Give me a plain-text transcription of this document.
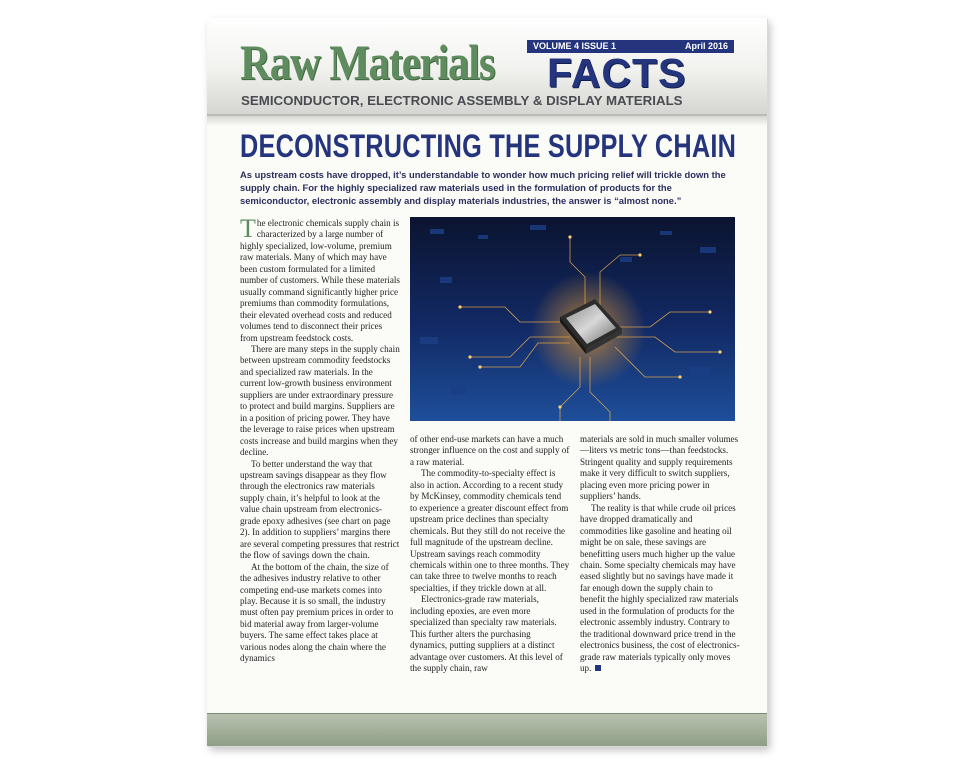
Raw Materials	VOLUME 4 ISSUE 1	April 2016
FACTS
SEMICONDUCTOR, ELECTRONIC ASSEMBLY & DISPLAY MATERIALS
DECONSTRUCTING THE SUPPLY CHAIN
As upstream costs have dropped, it’s understandable to wonder how much pricing relief will trickle down the supply chain. For the highly specialized raw materials used in the formulation of products for the semiconductor, electronic assembly and display materials industries, the answer is “almost none.”

The electronic chemicals supply chain is characterized by a large number of highly specialized, low-volume, premium raw materials. Many of which may have been custom formulated for a limited number of customers. While these materials usually command significantly higher price premiums than commodity formulations, their elevated overhead costs and reduced volumes tend to disconnect their prices from upstream feedstock costs.

There are many steps in the supply chain between upstream commodity feedstocks and specialized raw materials. In the current low-growth business environment suppliers are under extraordinary pressure to protect and build margins. Suppliers are in a position of pricing power. They have the leverage to raise prices when upstream costs increase and build margins when they decline.

To better understand the way that upstream savings disappear as they flow through the electronics raw materials supply chain, it’s helpful to look at the value chain upstream from electronics-grade epoxy adhesives (see chart on page 2). In addition to suppliers’ margins there are several competing pressures that restrict the flow of savings down the chain.

At the bottom of the chain, the size of the adhesives industry relative to other competing end-use markets comes into play. Because it is so small, the industry must often pay premium prices in order to bid material away from larger-volume buyers. The same effect takes place at various nodes along the chain where the dynamics

of other end-use markets can have a much stronger influence on the cost and supply of a raw material.

The commodity-to-specialty effect is also in action. According to a recent study by McKinsey, commodity chemicals tend to experience a greater discount effect from upstream price declines than specialty chemicals. But they still do not receive the full magnitude of the upstream decline. Upstream savings reach commodity chemicals within one to three months. They can take three to twelve months to reach specialties, if they trickle down at all.

Electronics-grade raw materials, including epoxies, are even more specialized than specialty raw materials. This further alters the purchasing dynamics, putting suppliers at a distinct advantage over customers. At this level of the supply chain, raw

materials are sold in much smaller volumes—liters vs metric tons—than feedstocks. Stringent quality and supply requirements make it very difficult to switch suppliers, placing even more pricing power in suppliers’ hands.

The reality is that while crude oil prices have dropped dramatically and commodities like gasoline and heating oil might be on sale, these savings are benefitting users much higher up the value chain. Some specialty chemicals may have eased slightly but no savings have made it far enough down the supply chain to benefit the highly specialized raw materials used in the formulation of products for the electronic assembly industry. Contrary to the traditional downward price trend in the electronics business, the cost of electronics-grade raw materials typically only moves up.
